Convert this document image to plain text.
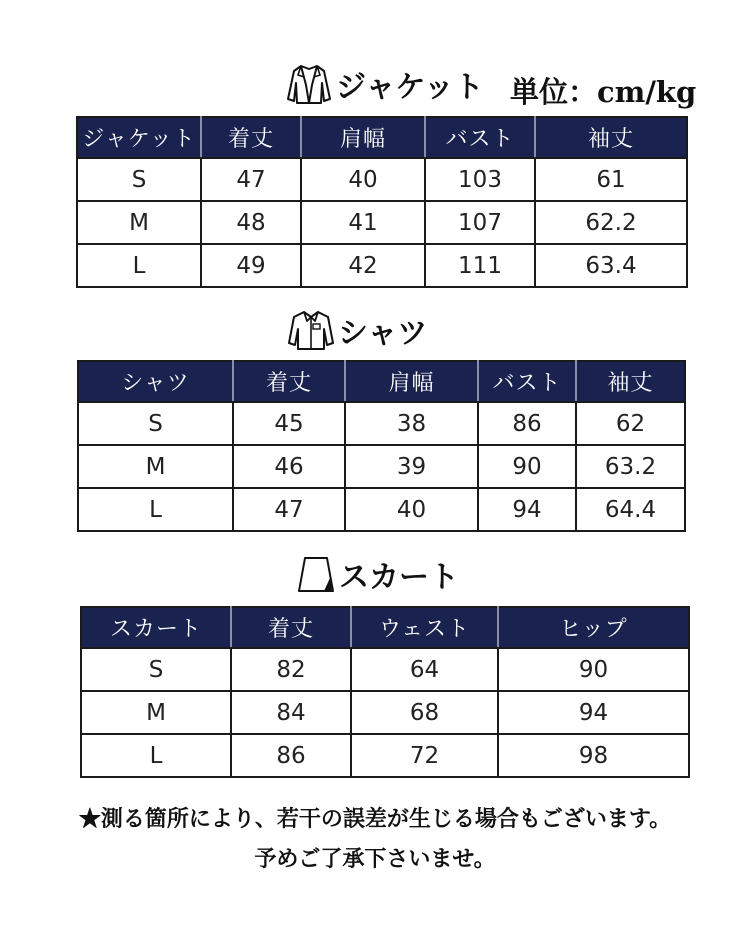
ジャケット 単位：cm/kg
ジャケット	着丈	肩幅	バスト	袖丈
S	47	40	103	61
M	48	41	107	62.2
L	49	42	111	63.4
シャツ
シャツ	着丈	肩幅	バスト	袖丈
S	45	38	86	62
M	46	39	90	63.2
L	47	40	94	64.4
スカート
スカート	着丈	ウェスト	ヒップ
S	82	64	90
M	84	68	94
L	86	72	98
★測る箇所により、若干の誤差が生じる場合もございます。
予めご了承下さいませ。
